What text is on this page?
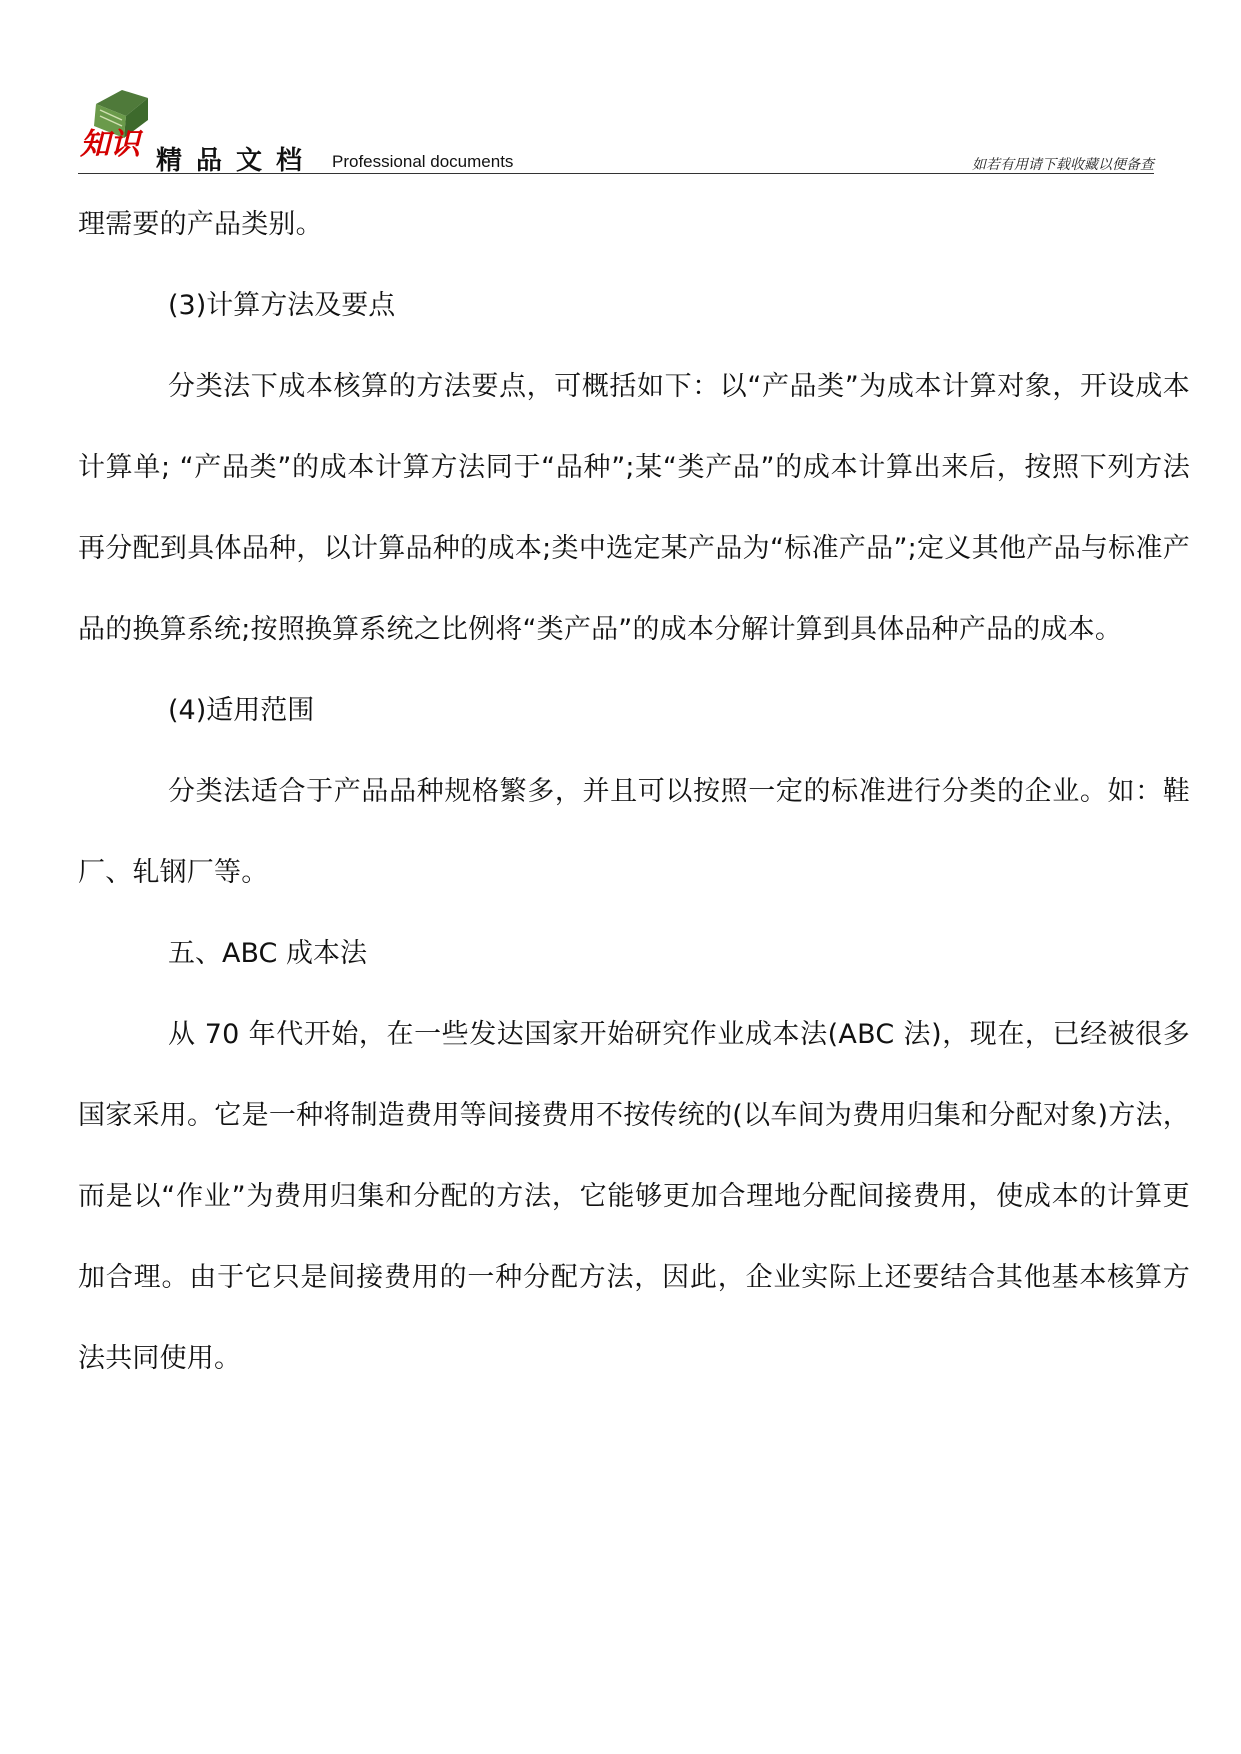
知识 精品文档 Professional documents	如若有用请下载收藏以便备查

理需要的产品类别。

(3)计算方法及要点

分类法下成本核算的方法要点，可概括如下：以“产品类”为成本计算对象，开设成本计算单; “产品类”的成本计算方法同于“品种”;某“类产品”的成本计算出来后，按照下列方法再分配到具体品种，以计算品种的成本;类中选定某产品为“标准产品”;定义其他产品与标准产品的换算系统;按照换算系统之比例将“类产品”的成本分解计算到具体品种产品的成本。

(4)适用范围

分类法适合于产品品种规格繁多，并且可以按照一定的标准进行分类的企业。如：鞋厂、轧钢厂等。

五、ABC 成本法

从 70 年代开始，在一些发达国家开始研究作业成本法(ABC 法)，现在，已经被很多国家采用。它是一种将制造费用等间接费用不按传统的(以车间为费用归集和分配对象)方法，而是以“作业”为费用归集和分配的方法，它能够更加合理地分配间接费用，使成本的计算更加合理。由于它只是间接费用的一种分配方法，因此，企业实际上还要结合其他基本核算方法共同使用。
